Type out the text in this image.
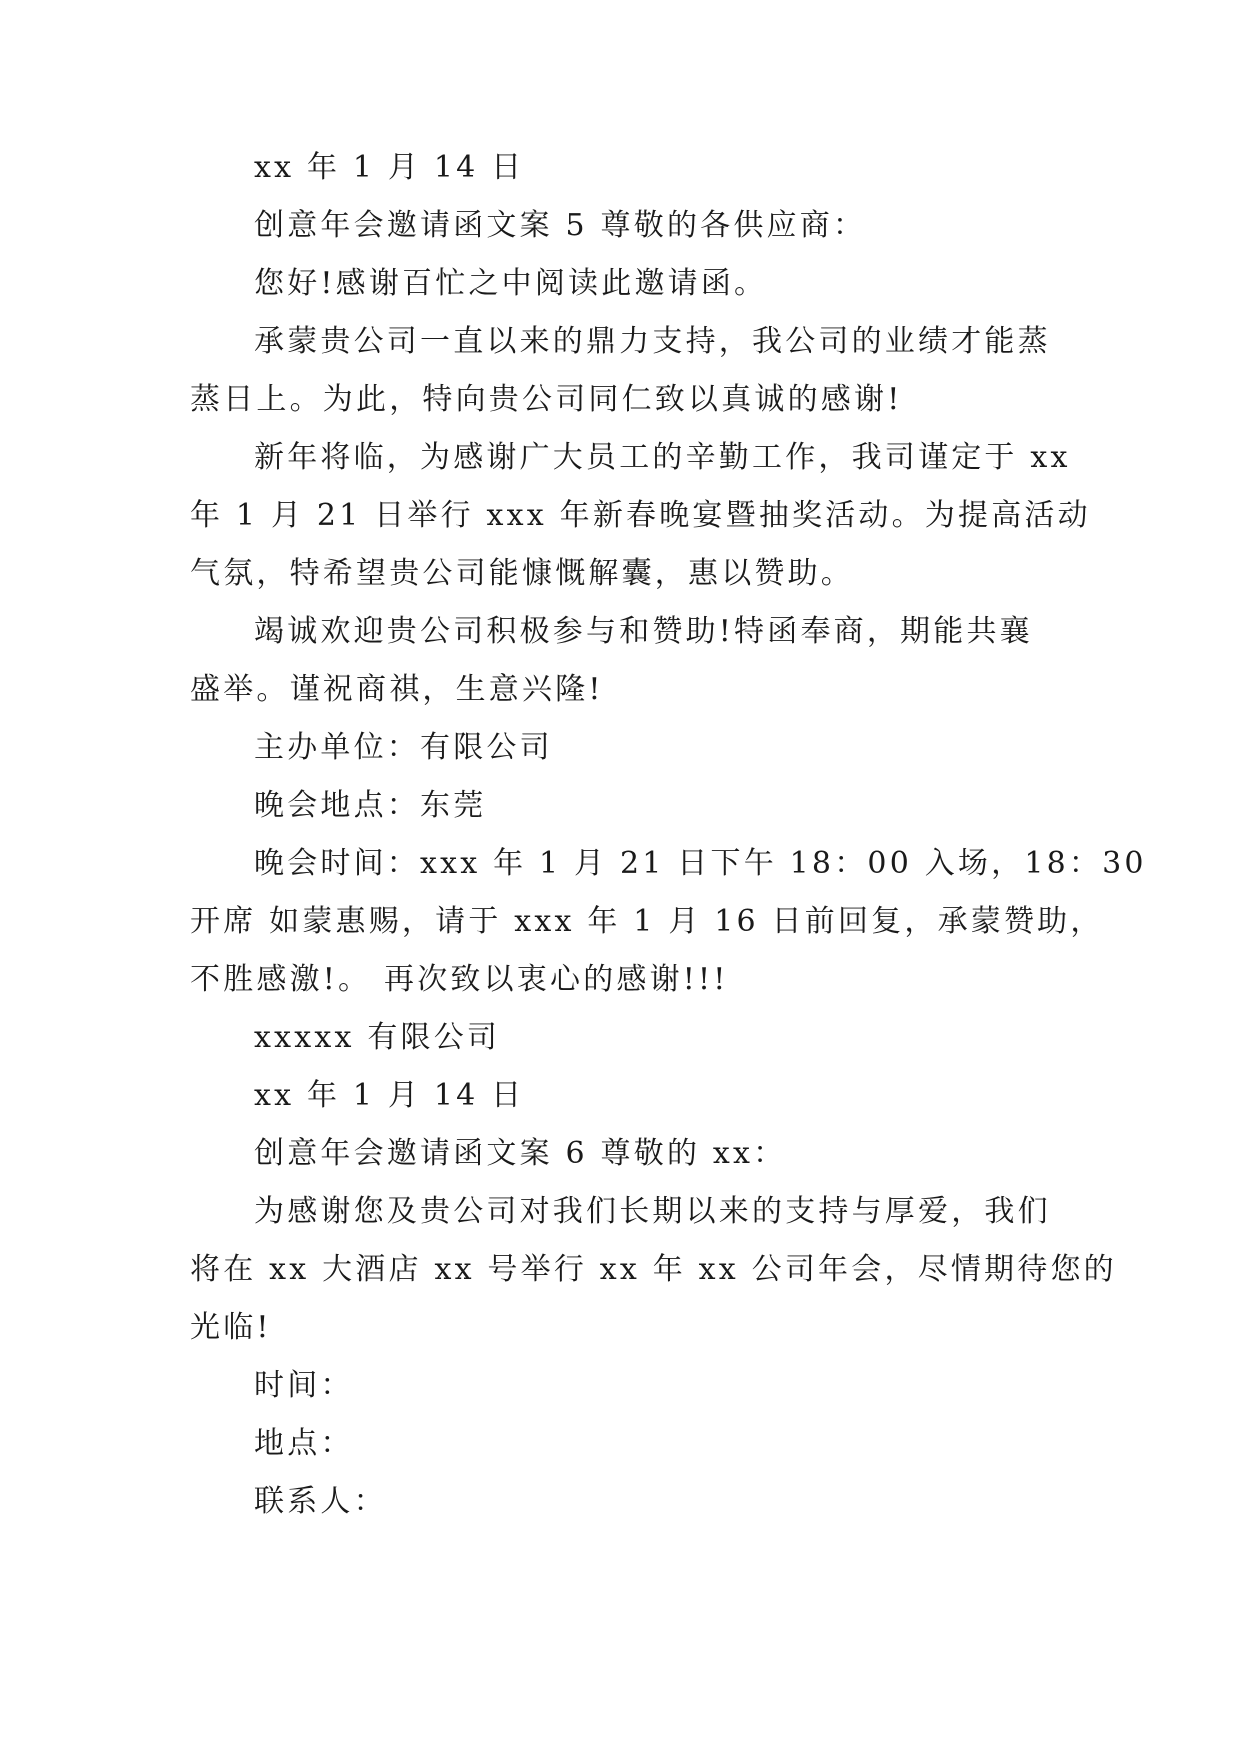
xx 年 1 月 14 日
创意年会邀请函文案 5 尊敬的各供应商：
您好!感谢百忙之中阅读此邀请函。
承蒙贵公司一直以来的鼎力支持，我公司的业绩才能蒸
蒸日上。为此，特向贵公司同仁致以真诚的感谢!
新年将临，为感谢广大员工的辛勤工作，我司谨定于 xx
年 1 月 21 日举行 xxx 年新春晚宴暨抽奖活动。为提高活动
气氛，特希望贵公司能慷慨解囊，惠以赞助。
竭诚欢迎贵公司积极参与和赞助!特函奉商，期能共襄
盛举。谨祝商祺，生意兴隆!
主办单位：有限公司
晚会地点：东莞
晚会时间：xxx 年 1 月 21 日下午 18：00 入场，18：30
开席 如蒙惠赐，请于 xxx 年 1 月 16 日前回复，承蒙赞助，
不胜感激!。 再次致以衷心的感谢!!!
xxxxx 有限公司
xx 年 1 月 14 日
创意年会邀请函文案 6 尊敬的 xx：
为感谢您及贵公司对我们长期以来的支持与厚爱，我们
将在 xx 大酒店 xx 号举行 xx 年 xx 公司年会，尽情期待您的
光临!
时间：
地点：
联系人：
